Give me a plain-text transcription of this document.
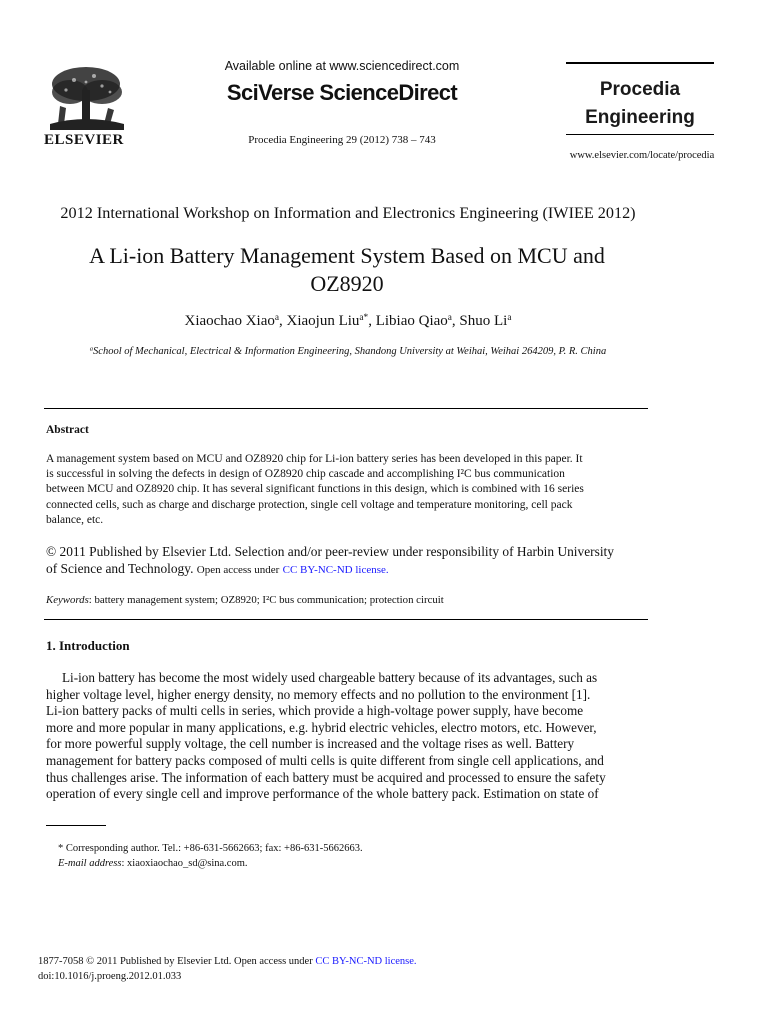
ELSEVIER
Available online at www.sciencedirect.com
SciVerse ScienceDirect
Procedia Engineering 29 (2012) 738 – 743
Procedia
Engineering
www.elsevier.com/locate/procedia
2012 International Workshop on Information and Electronics Engineering (IWIEE 2012)
A Li-ion Battery Management System Based on MCU and
OZ8920
Xiaochao Xiao$^a$, Xiaojun Liu$^{a*}$, Libiao Qiao$^a$, Shuo Li$^a$
$^a$School of Mechanical, Electrical & Information Engineering, Shandong University at Weihai, Weihai 264209, P. R. China
Abstract
A management system based on MCU and OZ8920 chip for Li-ion battery series has been developed in this paper. It
is successful in solving the defects in design of OZ8920 chip cascade and accomplishing I²C bus communication
between MCU and OZ8920 chip. It has several significant functions in this design, which is combined with 16 series
connected cells, such as charge and discharge protection, single cell voltage and temperature monitoring, cell pack
balance, etc.
© 2011 Published by Elsevier Ltd. Selection and/or peer-review under responsibility of Harbin University
of Science and Technology. Open access under CC BY-NC-ND license.
Keywords: battery management system; OZ8920; I²C bus communication; protection circuit
1. Introduction
Li-ion battery has become the most widely used chargeable battery because of its advantages, such as
higher voltage level, higher energy density, no memory effects and no pollution to the environment [1].
Li-ion battery packs of multi cells in series, which provide a high-voltage power supply, have become
more and more popular in many applications, e.g. hybrid electric vehicles, electro motors, etc. However,
for more powerful supply voltage, the cell number is increased and the voltage rises as well. Battery
management for battery packs composed of multi cells is quite different from single cell applications, and
thus challenges arise. The information of each battery must be acquired and processed to ensure the safety
operation of every single cell and improve performance of the whole battery pack. Estimation on state of
* Corresponding author. Tel.: +86-631-5662663; fax: +86-631-5662663.
E-mail address: xiaoxiaochao_sd@sina.com.
1877-7058 © 2011 Published by Elsevier Ltd. Open access under CC BY-NC-ND license.
doi:10.1016/j.proeng.2012.01.033
